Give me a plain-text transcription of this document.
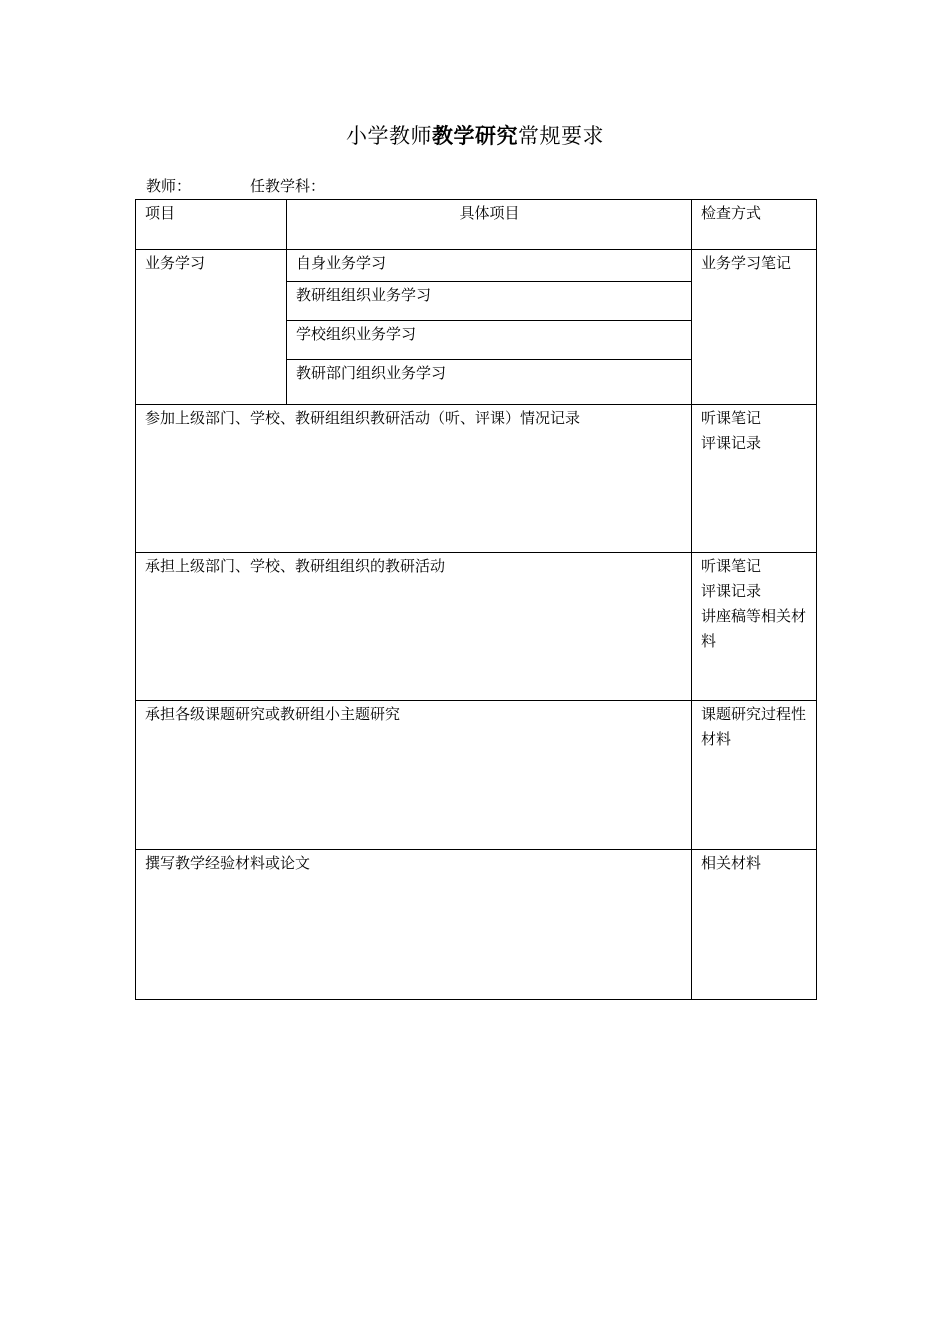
小学教师教学研究常规要求
教师：	任教学科：
项目	具体项目	检查方式
业务学习	自身业务学习	业务学习笔记
	教研组组织业务学习	
	学校组织业务学习	
	教研部门组织业务学习	
参加上级部门、学校、教研组组织教研活动（听、评课）情况记录		听课笔记
评课记录
承担上级部门、学校、教研组组织的教研活动		听课笔记
评课记录
讲座稿等相关材料
承担各级课题研究或教研组小主题研究		课题研究过程性材料
撰写教学经验材料或论文		相关材料
